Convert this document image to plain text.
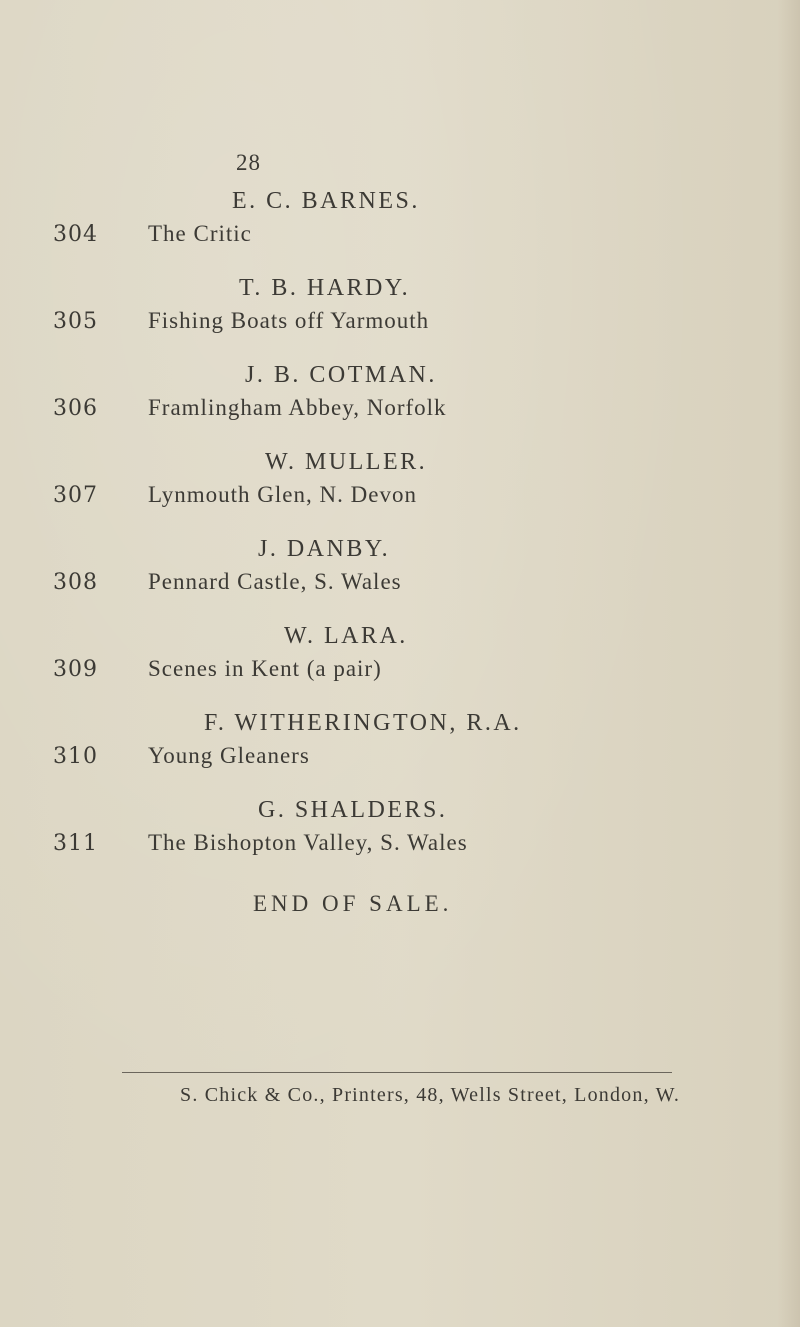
28
E. C. BARNES.
304 The Critic
T. B. HARDY.
305 Fishing Boats off Yarmouth
J. B. COTMAN.
306 Framlingham Abbey, Norfolk
W. MULLER.
307 Lynmouth Glen, N. Devon
J. DANBY.
308 Pennard Castle, S. Wales
W. LARA.
309 Scenes in Kent (a pair)
F. WITHERINGTON, R.A.
310 Young Gleaners
G. SHALDERS.
311 The Bishopton Valley, S. Wales
END OF SALE.
S. Chick & Co., Printers, 48, Wells Street, London, W.
